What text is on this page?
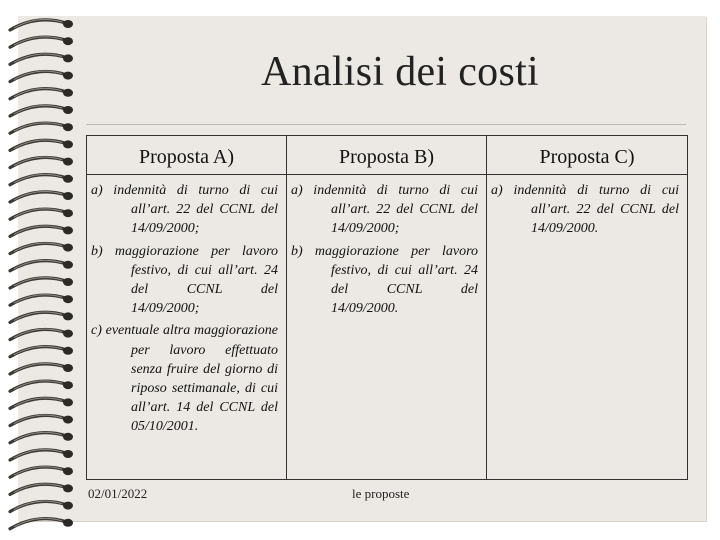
Analisi dei costi
Proposta A)
a) indennità di turno di cui all’art. 22 del CCNL del 14/09/2000;
b) maggiorazione per lavoro festivo, di cui all’art. 24 del CCNL del 14/09/2000;
c) eventuale altra maggiorazione per lavoro effettuato senza fruire del giorno di riposo settimanale, di cui all’art. 14 del CCNL del 05/10/2001.
Proposta B)
a) indennità di turno di cui all’art. 22 del CCNL del 14/09/2000;
b) maggiorazione per lavoro festivo, di cui all’art. 24 del CCNL del 14/09/2000.
Proposta C)
a) indennità di turno di cui all’art. 22 del CCNL del 14/09/2000.
02/01/2022	le proposte
